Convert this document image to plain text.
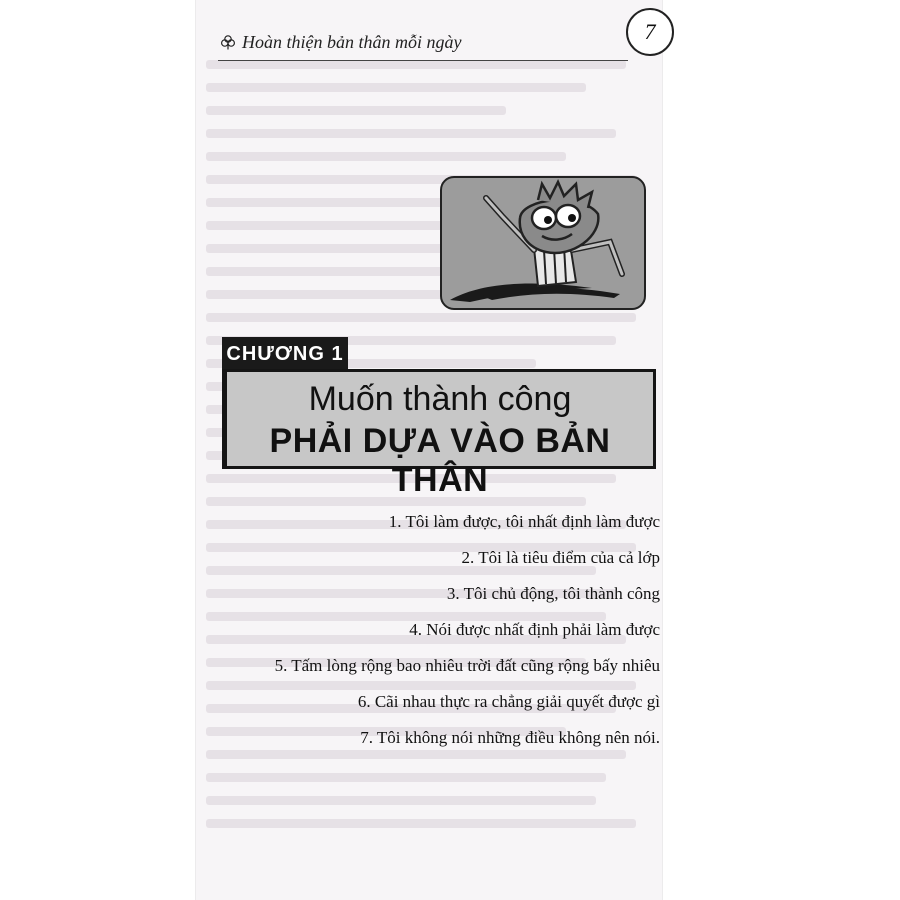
Hoàn thiện bản thân mỗi ngày	7
CHƯƠNG 1
Muốn thành công
PHẢI DỰA VÀO BẢN THÂN
1. Tôi làm được, tôi nhất định làm được
2. Tôi là tiêu điểm của cả lớp
3. Tôi chủ động, tôi thành công
4. Nói được nhất định phải làm được
5. Tấm lòng rộng bao nhiêu trời đất cũng rộng bấy nhiêu
6. Cãi nhau thực ra chẳng giải quyết được gì
7. Tôi không nói những điều không nên nói.
